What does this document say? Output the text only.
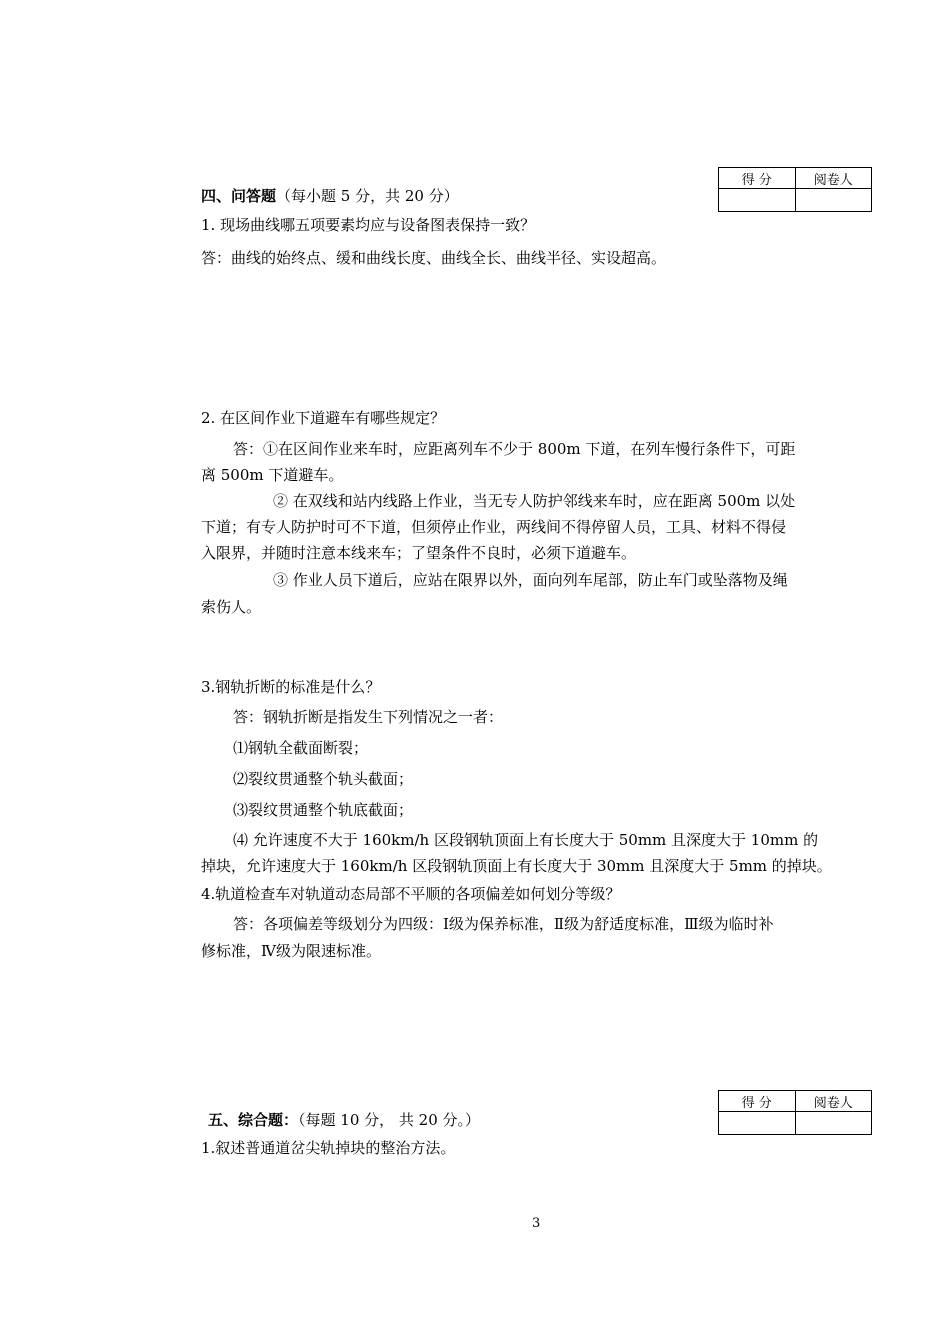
得 分	阅卷人

四、问答题（每小题 5 分，共 20 分）
1. 现场曲线哪五项要素均应与设备图表保持一致？
答：曲线的始终点、缓和曲线长度、曲线全长、曲线半径、实设超高。
2. 在区间作业下道避车有哪些规定？
答：①在区间作业来车时，应距离列车不少于 800m 下道，在列车慢行条件下，可距
离 500m 下道避车。
② 在双线和站内线路上作业，当无专人防护邻线来车时，应在距离 500m 以处
下道；有专人防护时可不下道，但须停止作业，两线间不得停留人员，工具、材料不得侵
入限界，并随时注意本线来车；了望条件不良时，必须下道避车。
③ 作业人员下道后，应站在限界以外，面向列车尾部，防止车门或坠落物及绳
索伤人。
3.钢轨折断的标准是什么？
答：钢轨折断是指发生下列情况之一者：
⑴钢轨全截面断裂；
⑵裂纹贯通整个轨头截面；
⑶裂纹贯通整个轨底截面；
⑷ 允许速度不大于 160km/h 区段钢轨顶面上有长度大于 50mm 且深度大于 10mm 的
掉块，允许速度大于 160km/h 区段钢轨顶面上有长度大于 30mm 且深度大于 5mm 的掉块。
4.轨道检查车对轨道动态局部不平顺的各项偏差如何划分等级？
答：各项偏差等级划分为四级：Ⅰ级为保养标准，Ⅱ级为舒适度标准，Ⅲ级为临时补
修标准，Ⅳ级为限速标准。
得 分	阅卷人

五、综合题：（每题 10 分， 共 20 分。）
1.叙述普通道岔尖轨掉块的整治方法。
3
